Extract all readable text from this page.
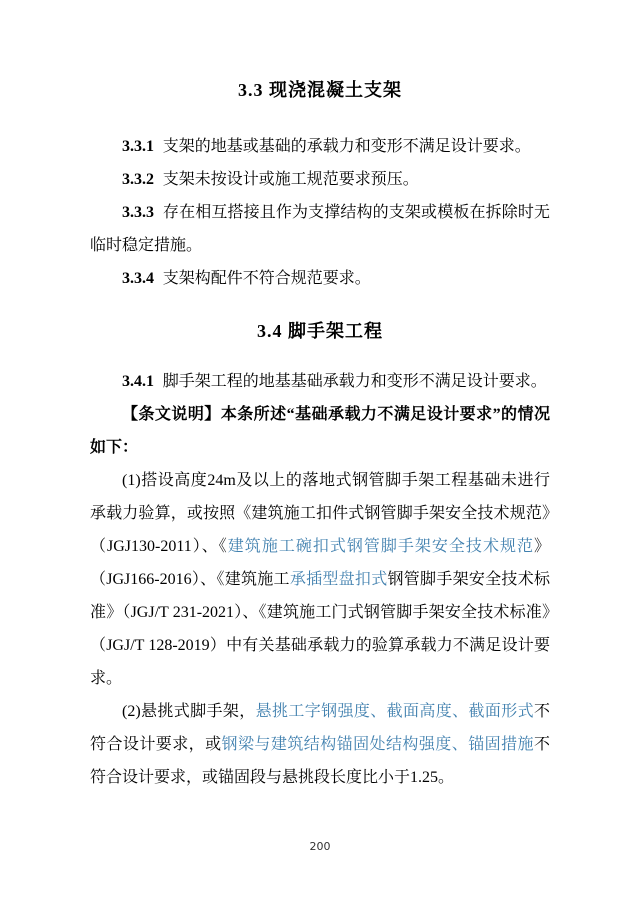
3.3 现浇混凝土支架

3.3.1 支架的地基或基础的承载力和变形不满足设计要求。

3.3.2 支架未按设计或施工规范要求预压。

3.3.3 存在相互搭接且作为支撑结构的支架或模板在拆除时无临时稳定措施。

3.3.4 支架构配件不符合规范要求。

3.4 脚手架工程

3.4.1 脚手架工程的地基基础承载力和变形不满足设计要求。

【条文说明】本条所述“基础承载力不满足设计要求”的情况如下：

(1)搭设高度24m及以上的落地式钢管脚手架工程基础未进行承载力验算，或按照《建筑施工扣件式钢管脚手架安全技术规范》（JGJ130-2011）、《建筑施工碗扣式钢管脚手架安全技术规范》（JGJ166-2016）、《建筑施工承插型盘扣式钢管脚手架安全技术标准》（JGJ/T 231-2021）、《建筑施工门式钢管脚手架安全技术标准》（JGJ/T 128-2019）中有关基础承载力的验算承载力不满足设计要求。

(2)悬挑式脚手架，悬挑工字钢强度、截面高度、截面形式不符合设计要求，或钢梁与建筑结构锚固处结构强度、锚固措施不符合设计要求，或锚固段与悬挑段长度比小于1.25。

200
